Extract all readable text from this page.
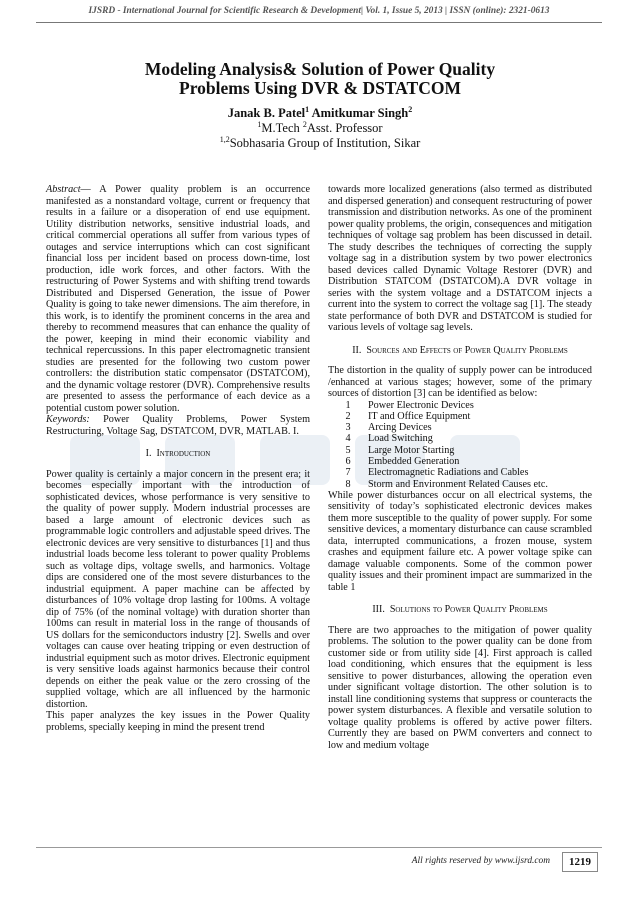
IJSRD - International Journal for Scientific Research & Development| Vol. 1, Issue 5, 2013 | ISSN (online): 2321-0613
Modeling Analysis& Solution of Power Quality
Problems Using DVR & DSTATCOM
Janak B. Patel$^1$ Amitkumar Singh$^2$
$^1$M.Tech $^2$Asst. Professor
$^{1,2}$Sobhasaria Group of Institution, Sikar

Abstract— A Power quality problem is an occurrence manifested as a nonstandard voltage, current or frequency that results in a failure or a disoperation of end use equipment. Utility distribution networks, sensitive industrial loads, and critical commercial operations all suffer from various types of outages and service interruptions which can cost significant financial loss per incident based on process down-time, lost production, idle work forces, and other factors. With the restructuring of Power Systems and with shifting trend towards Distributed and Dispersed Generation, the issue of Power Quality is going to take newer dimensions. The aim therefore, in this work, is to identify the prominent concerns in the area and thereby to recommend measures that can enhance the quality of the power, keeping in mind their economic viability and technical repercussions. In this paper electromagnetic transient studies are presented for the following two custom power controllers: the distribution static compensator (DSTATCOM), and the dynamic voltage restorer (DVR). Comprehensive results are presented to assess the performance of each device as a potential custom power solution.

Keywords: Power Quality Problems, Power System Restructuring, Voltage Sag, DSTATCOM, DVR, MATLAB. I.

I. Introduction

Power quality is certainly a major concern in the present era; it becomes especially important with the introduction of sophisticated devices, whose performance is very sensitive to the quality of power supply. Modern industrial processes are based a large amount of electronic devices such as programmable logic controllers and adjustable speed drives. The electronic devices are very sensitive to disturbances [1] and thus industrial loads become less tolerant to power quality Problems such as voltage dips, voltage swells, and harmonics. Voltage dips are considered one of the most severe disturbances to the industrial equipment. A paper machine can be affected by disturbances of 10% voltage drop lasting for 100ms. A voltage dip of 75% (of the nominal voltage) with duration shorter than 100ms can result in material loss in the range of thousands of US dollars for the semiconductors industry [2]. Swells and over voltages can cause over heating tripping or even destruction of industrial equipment such as motor drives. Electronic equipment is very sensitive loads against harmonics because their control depends on either the peak value or the zero crossing of the supplied voltage, which are all influenced by the harmonic distortion.

This paper analyzes the key issues in the Power Quality problems, specially keeping in mind the present trend

towards more localized generations (also termed as distributed and dispersed generation) and consequent restructuring of power transmission and distribution networks. As one of the prominent power quality problems, the origin, consequences and mitigation techniques of voltage sag problem has been discussed in detail. The study describes the techniques of correcting the supply voltage sag in a distribution system by two power electronics based devices called Dynamic Voltage Restorer (DVR) and Distribution STATCOM (DSTATCOM).A DVR voltage in series with the system voltage and a DSTATCOM injects a current into the system to correct the voltage sag [1]. The steady state performance of both DVR and DSTATCOM is studied for various levels of voltage sag levels.

II. Sources and Effects of Power Quality Problems

The distortion in the quality of supply power can be introduced /enhanced at various stages; however, some of the primary sources of distortion [3] can be identified as below:

1	Power Electronic Devices
2	IT and Office Equipment
3	Arcing Devices
4	Load Switching
5	Large Motor Starting
6	Embedded Generation
7	Electromagnetic Radiations and Cables
8	Storm and Environment Related Causes etc.

While power disturbances occur on all electrical systems, the sensitivity of today’s sophisticated electronic devices makes them more susceptible to the quality of power supply. For some sensitive devices, a momentary disturbance can cause scrambled data, interrupted communications, a frozen mouse, system crashes and equipment failure etc. A power voltage spike can damage valuable components. Some of the common power quality issues and their prominent impact are summarized in the table 1

III. Solutions to Power Quality Problems

There are two approaches to the mitigation of power quality problems. The solution to the power quality can be done from customer side or from utility side [4]. First approach is called load conditioning, which ensures that the equipment is less sensitive to power disturbances, allowing the operation even under significant voltage distortion. The other solution is to install line conditioning systems that suppress or counteracts the power system disturbances. A flexible and versatile solution to voltage quality problems is offered by active power filters. Currently they are based on PWM converters and connect to low and medium voltage

All rights reserved by www.ijsrd.com	1219
